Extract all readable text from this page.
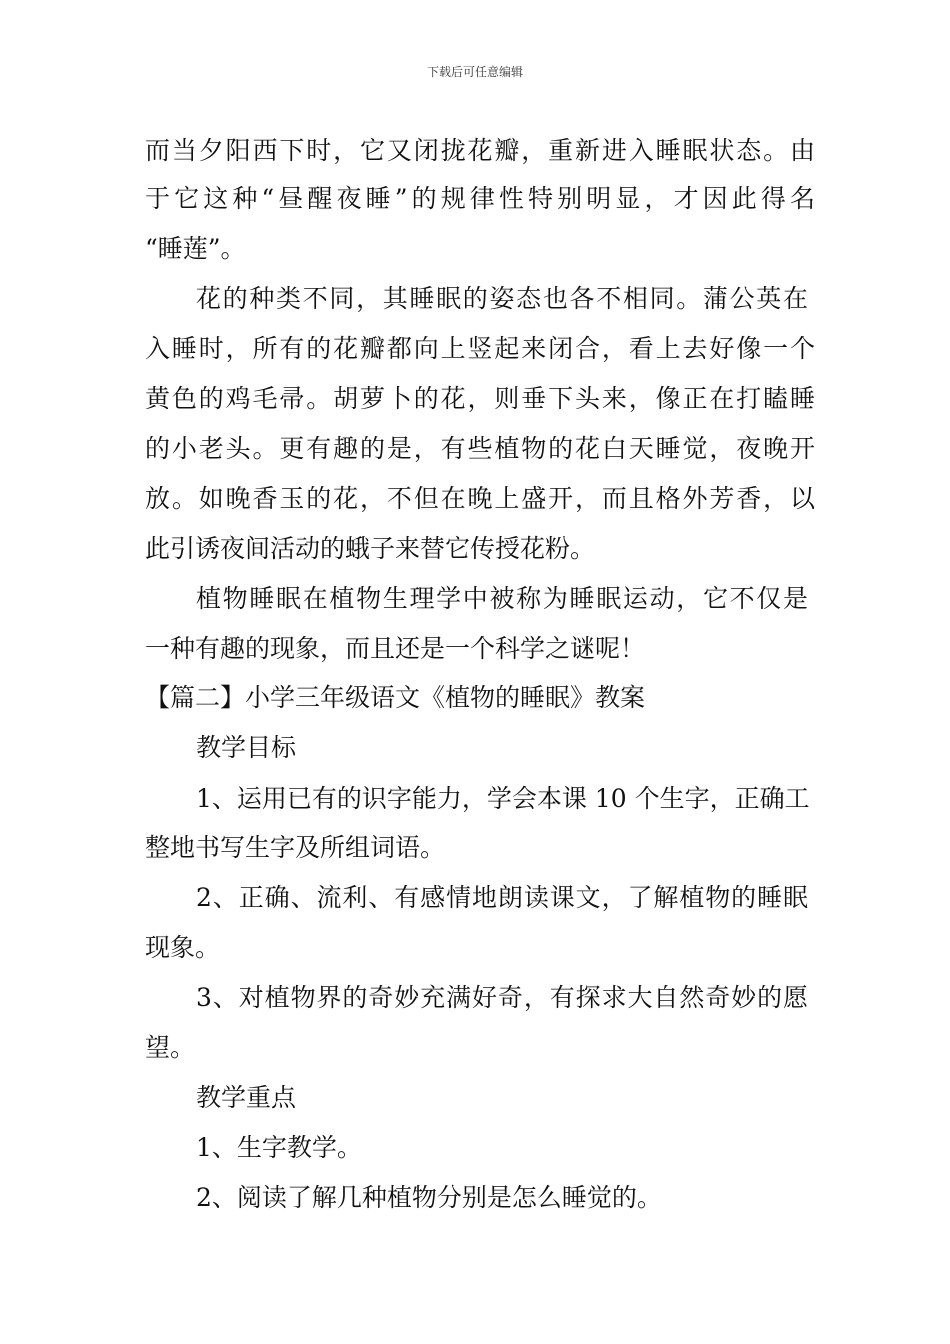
下载后可任意编辑
而当夕阳西下时，它又闭拢花瓣，重新进入睡眠状态。由
于它这种“昼醒夜睡”的规律性特别明显，才因此得名
“睡莲”。
花的种类不同，其睡眠的姿态也各不相同。蒲公英在
入睡时，所有的花瓣都向上竖起来闭合，看上去好像一个
黄色的鸡毛帚。胡萝卜的花，则垂下头来，像正在打瞌睡
的小老头。更有趣的是，有些植物的花白天睡觉，夜晚开
放。如晚香玉的花，不但在晚上盛开，而且格外芳香，以
此引诱夜间活动的蛾子来替它传授花粉。
植物睡眠在植物生理学中被称为睡眠运动，它不仅是
一种有趣的现象，而且还是一个科学之谜呢！
【篇二】小学三年级语文《植物的睡眠》教案
教学目标
1、运用已有的识字能力，学会本课 10 个生字，正确工
整地书写生字及所组词语。
2、正确、流利、有感情地朗读课文，了解植物的睡眠
现象。
3、对植物界的奇妙充满好奇，有探求大自然奇妙的愿
望。
教学重点
1、生字教学。
2、阅读了解几种植物分别是怎么睡觉的。
